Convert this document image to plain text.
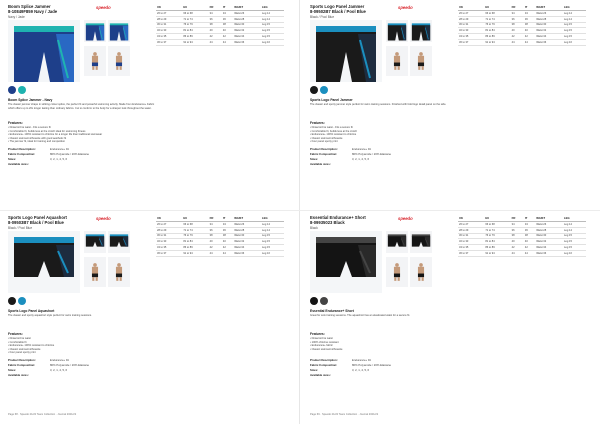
Boom Splice Jammer
8-10849F859 Navy / Jade
Navy / Jade
speedo
Boom Splice Jammer - Navy
The classic jammer shape in striking colour splice, the perfect fit and powerful swimming activity. Made from Endurance+ Fabric which offers up to 20x longer lasting than ordinary fabrics. Cut to conform to the body for a sharper look throughout the water.
Features:
• Drawcord tie waist - Fits a secure fit
• Comfortable fit, builds less at the crotch ideal for swimming fitness
• Endurance+ 100% resistant to chlorine for a longer life than traditional swimwear
• Classic swimsuit silhouette with good aesthetic fit
• The jammer fit, ideal for training and competition
Product Description:	Endurance+ Fit
Fabric Composition:	80% Polyamide / 20% Elastane
Sizes:	3, 2, 1, 4, 5, 6
Available sizes:
UK	EU	FR	IT	WAIST	LEG
26 to 27	66 to 68	34	34	Waist 26	Leg 14
28 to 29	71 to 74	36	36	Waist 28	Leg 14
30 to 31	76 to 79	38	38	Waist 30	Leg 15
32 to 33	81 to 84	40	40	Waist 32	Leg 15
34 to 35	86 to 89	42	42	Waist 34	Leg 15
36 to 37	91 to 94	44	44	Waist 36	Leg 16
Sports Logo Panel Jammer
8-09502B7 Black / Pool Blue
Black / Pool Blue
speedo
Sports Logo Panel Jammer
The classic and sporty jammer style perfect for swim training sessions. Finished with bold logo detail panel on the side.
Features:
• Drawcord tie waist - Fits a secure fit
• Comfortable fit, builds less at the crotch
• Endurance+ 100% resistant to chlorine
• Classic swimsuit silhouette
• Four panel sporty print
Product Description:	Endurance+ Fit
Fabric Composition:	80% Polyamide / 20% Elastane
Sizes:	3, 2, 1, 4, 5, 6
Available sizes:
UK	EU	FR	IT	WAIST	LEG
26 to 27	66 to 68	34	34	Waist 26	Leg 14
28 to 29	71 to 74	36	36	Waist 28	Leg 14
30 to 31	76 to 79	38	38	Waist 30	Leg 15
32 to 33	81 to 84	40	40	Waist 32	Leg 15
34 to 35	86 to 89	42	42	Waist 34	Leg 15
36 to 37	91 to 94	44	44	Waist 36	Leg 16
Sports Logo Panel Aquashort
8-09503B7 Black / Pool Blue
Black / Pool Blue
speedo
Sports Logo Panel Aquashort
The classic and sporty aquashort style perfect for swim training sessions.
Features:
• Drawcord tie waist
• Comfortable fit
• Endurance+ 100% resistant to chlorine
• Classic swimsuit silhouette
• Four panel sporty print
Product Description:	Endurance+ Fit
Fabric Composition:	80% Polyamide / 20% Elastane
Sizes:	3, 2, 1, 4, 5, 6
Available sizes:
UK	EU	FR	IT	WAIST	LEG
26 to 27	66 to 68	34	34	Waist 26	Leg 14
28 to 29	71 to 74	36	36	Waist 28	Leg 14
30 to 31	76 to 79	38	38	Waist 30	Leg 15
32 to 33	81 to 84	40	40	Waist 32	Leg 15
34 to 35	86 to 89	42	42	Waist 34	Leg 15
36 to 37	91 to 94	44	44	Waist 36	Leg 16
Essential Endurance+ Short
8-09935023 Black
Black
speedo
Essential Endurance+ Short
Great for solo training sessions. The aquashort has an elasticated waist for a secure fit.
Features:
• Drawcord tie waist
• 100% chlorine resistant
• Endurance+ fabric
• Classic swimsuit silhouette
Product Description:	Endurance+ Fit
Fabric Composition:	80% Polyamide / 20% Elastane
Sizes:	3, 2, 1, 4, 5, 6
Available sizes:
UK	EU	FR	IT	WAIST	LEG
26 to 27	66 to 68	34	34	Waist 26	Leg 14
28 to 29	71 to 74	36	36	Waist 28	Leg 14
30 to 31	76 to 79	38	38	Waist 30	Leg 15
32 to 33	81 to 84	40	40	Waist 32	Leg 15
34 to 35	86 to 89	42	42	Waist 34	Leg 15
36 to 37	91 to 94	44	44	Waist 36	Leg 16
Page 68 · Speedo 21/22 Team Collection · Journal 2021/22	Page 69 · Speedo 21/22 Team Collection · Journal 2021/22
